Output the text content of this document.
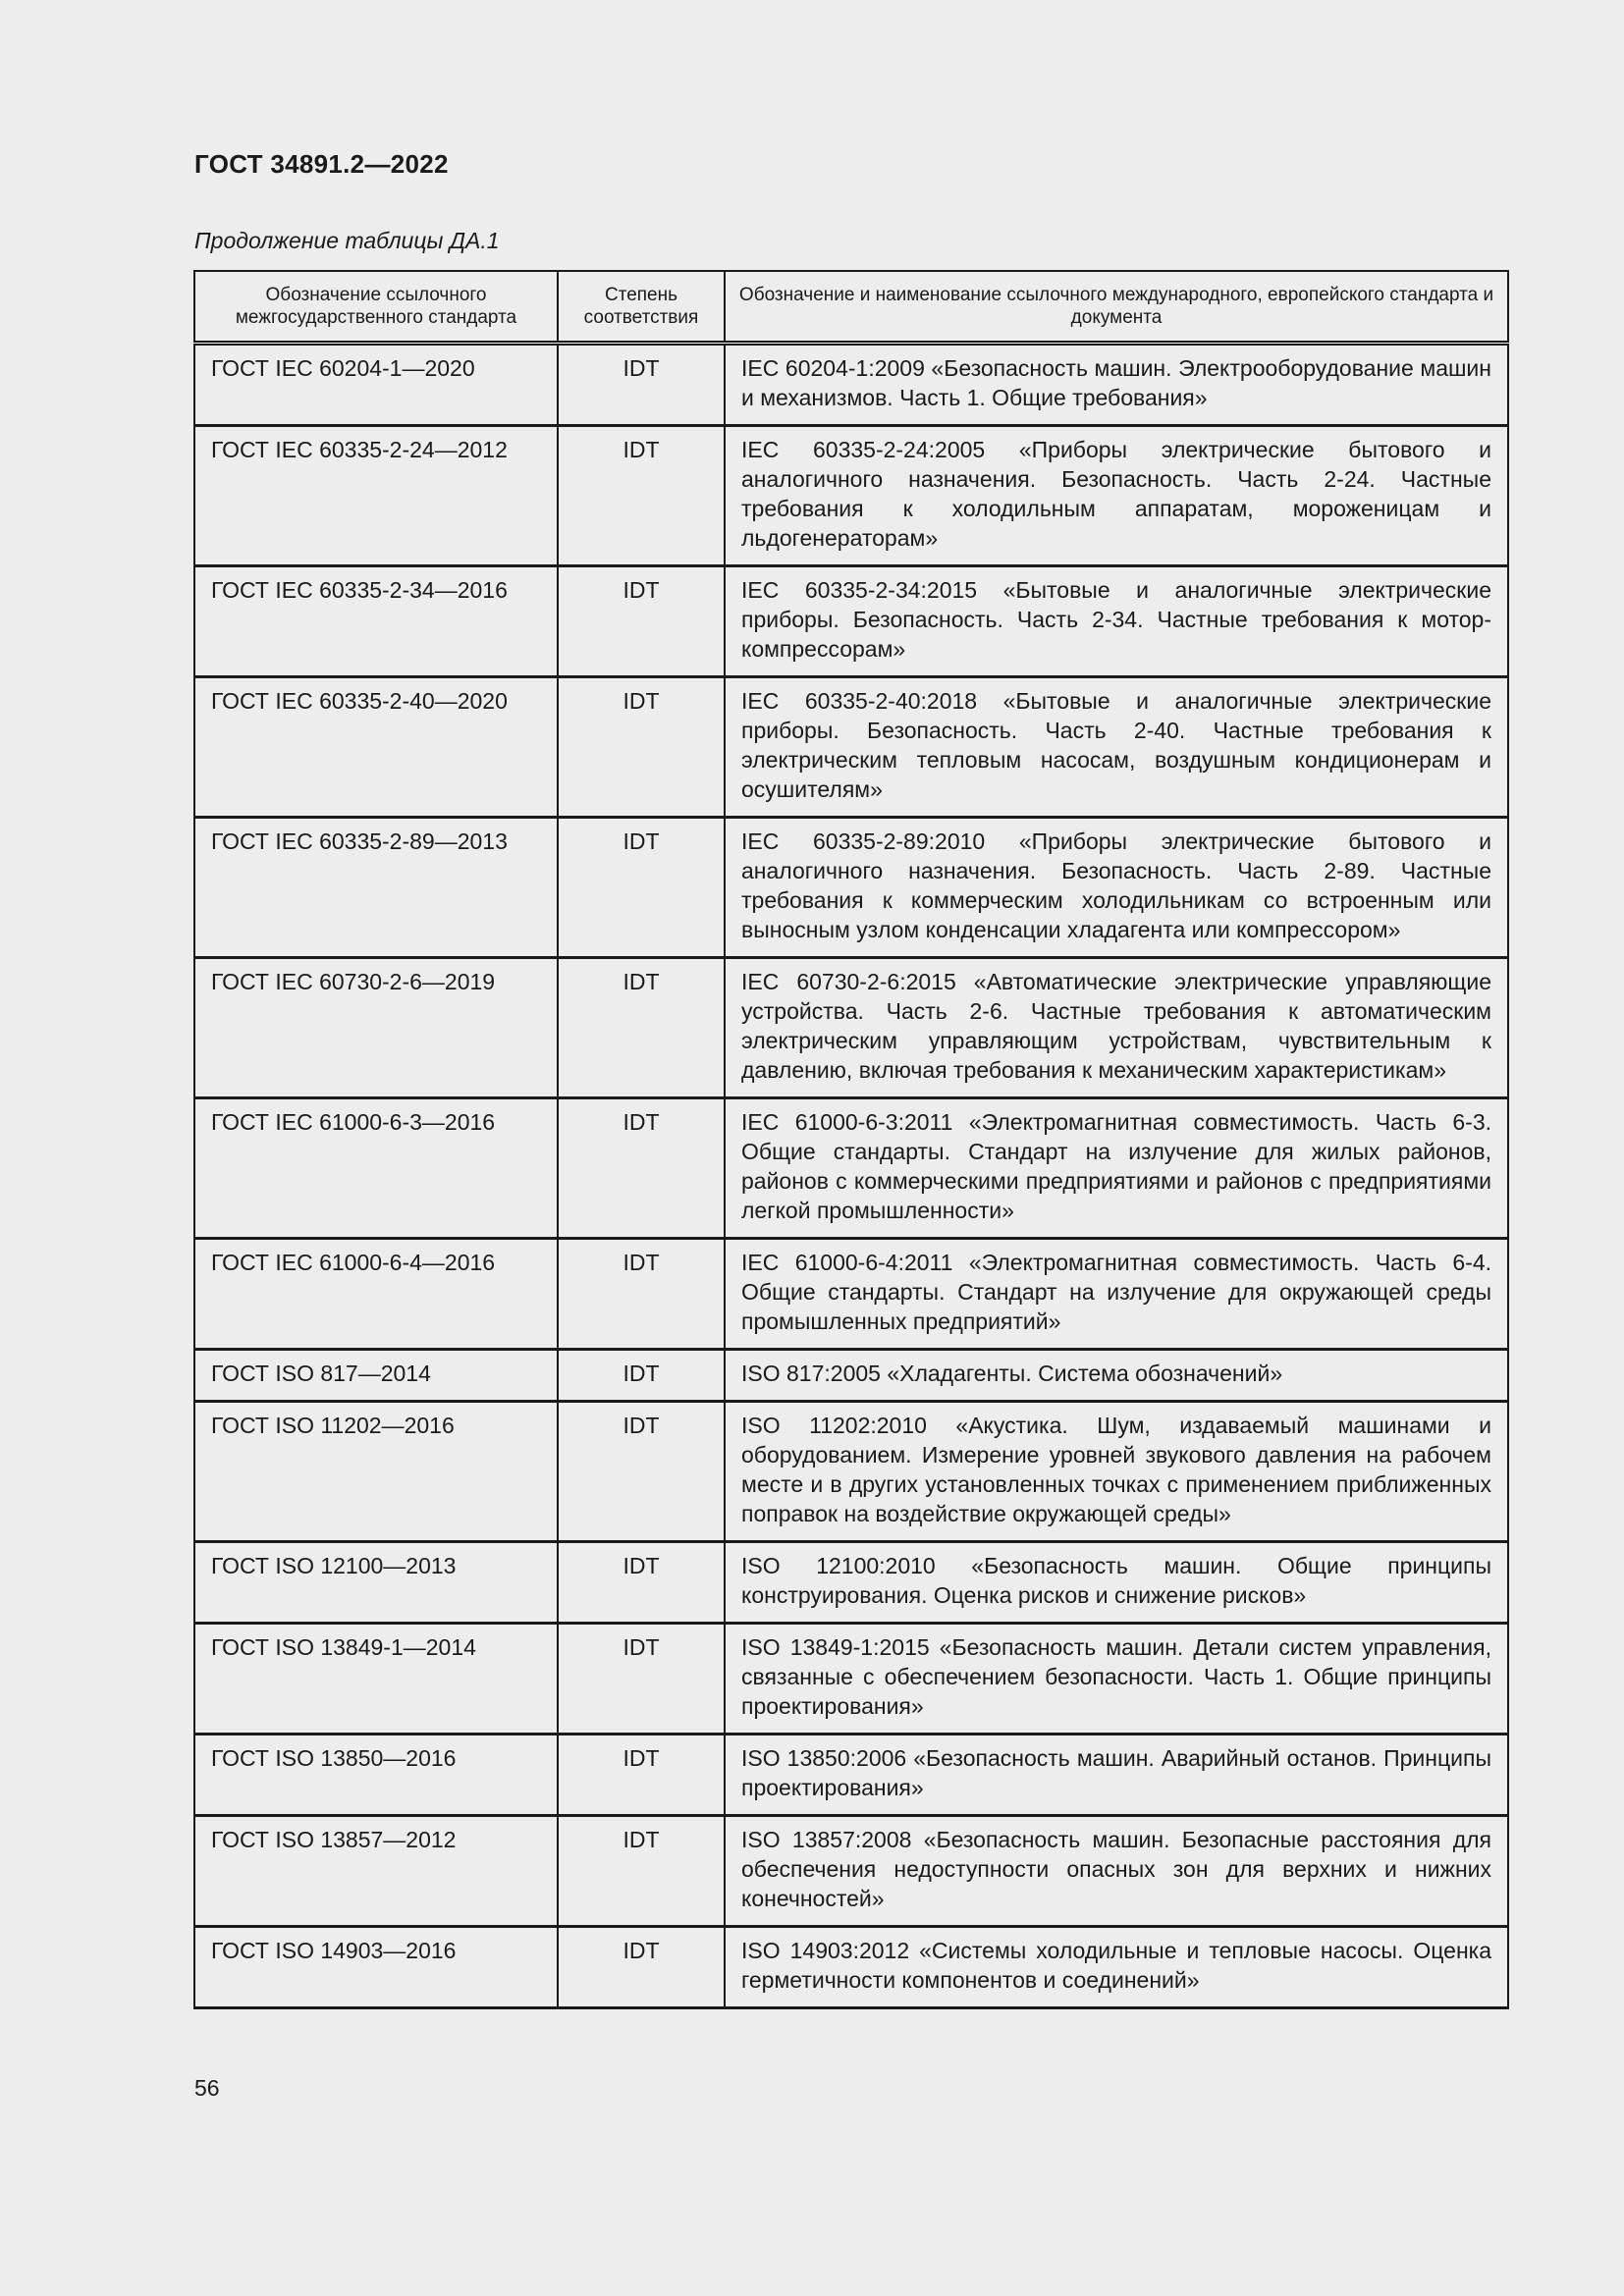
ГОСТ 34891.2—2022
Продолжение таблицы ДА.1
Обозначение ссылочного межгосударственного стандарта	Степень соответствия	Обозначение и наименование ссылочного международного, европейского стандарта и документа
ГОСТ IEC 60204-1—2020	IDT	IEC 60204-1:2009 «Безопасность машин. Электрооборудование машин и механизмов. Часть 1. Общие требования»
ГОСТ IEC 60335-2-24—2012	IDT	IEC 60335-2-24:2005 «Приборы электрические бытового и аналогичного назначения. Безопасность. Часть 2-24. Частные требования к холодильным аппаратам, мороженицам и льдогенераторам»
ГОСТ IEC 60335-2-34—2016	IDT	IEC 60335-2-34:2015 «Бытовые и аналогичные электрические приборы. Безопасность. Часть 2-34. Частные требования к мотор-компрессорам»
ГОСТ IEC 60335-2-40—2020	IDT	IEC 60335-2-40:2018 «Бытовые и аналогичные электрические приборы. Безопасность. Часть 2-40. Частные требования к электрическим тепловым насосам, воздушным кондиционерам и осушителям»
ГОСТ IEC 60335-2-89—2013	IDT	IEC 60335-2-89:2010 «Приборы электрические бытового и аналогичного назначения. Безопасность. Часть 2-89. Частные требования к коммерческим холодильникам со встроенным или выносным узлом конденсации хладагента или компрессором»
ГОСТ IEC 60730-2-6—2019	IDT	IEC 60730-2-6:2015 «Автоматические электрические управляющие устройства. Часть 2-6. Частные требования к автоматическим электрическим управляющим устройствам, чувствительным к давлению, включая требования к механическим характеристикам»
ГОСТ IEC 61000-6-3—2016	IDT	IEC 61000-6-3:2011 «Электромагнитная совместимость. Часть 6-3. Общие стандарты. Стандарт на излучение для жилых районов, районов с коммерческими предприятиями и районов с предприятиями легкой промышленности»
ГОСТ IEC 61000-6-4—2016	IDT	IEC 61000-6-4:2011 «Электромагнитная совместимость. Часть 6-4. Общие стандарты. Стандарт на излучение для окружающей среды промышленных предприятий»
ГОСТ ISO 817—2014	IDT	ISO 817:2005 «Хладагенты. Система обозначений»
ГОСТ ISO 11202—2016	IDT	ISO 11202:2010 «Акустика. Шум, издаваемый машинами и оборудованием. Измерение уровней звукового давления на рабочем месте и в других установленных точках с применением приближенных поправок на воздействие окружающей среды»
ГОСТ ISO 12100—2013	IDT	ISO 12100:2010 «Безопасность машин. Общие принципы конструирования. Оценка рисков и снижение рисков»
ГОСТ ISO 13849-1—2014	IDT	ISO 13849-1:2015 «Безопасность машин. Детали систем управления, связанные с обеспечением безопасности. Часть 1. Общие принципы проектирования»
ГОСТ ISO 13850—2016	IDT	ISO 13850:2006 «Безопасность машин. Аварийный останов. Принципы проектирования»
ГОСТ ISO 13857—2012	IDT	ISO 13857:2008 «Безопасность машин. Безопасные расстояния для обеспечения недоступности опасных зон для верхних и нижних конечностей»
ГОСТ ISO 14903—2016	IDT	ISO 14903:2012 «Системы холодильные и тепловые насосы. Оценка герметичности компонентов и соединений»
56
